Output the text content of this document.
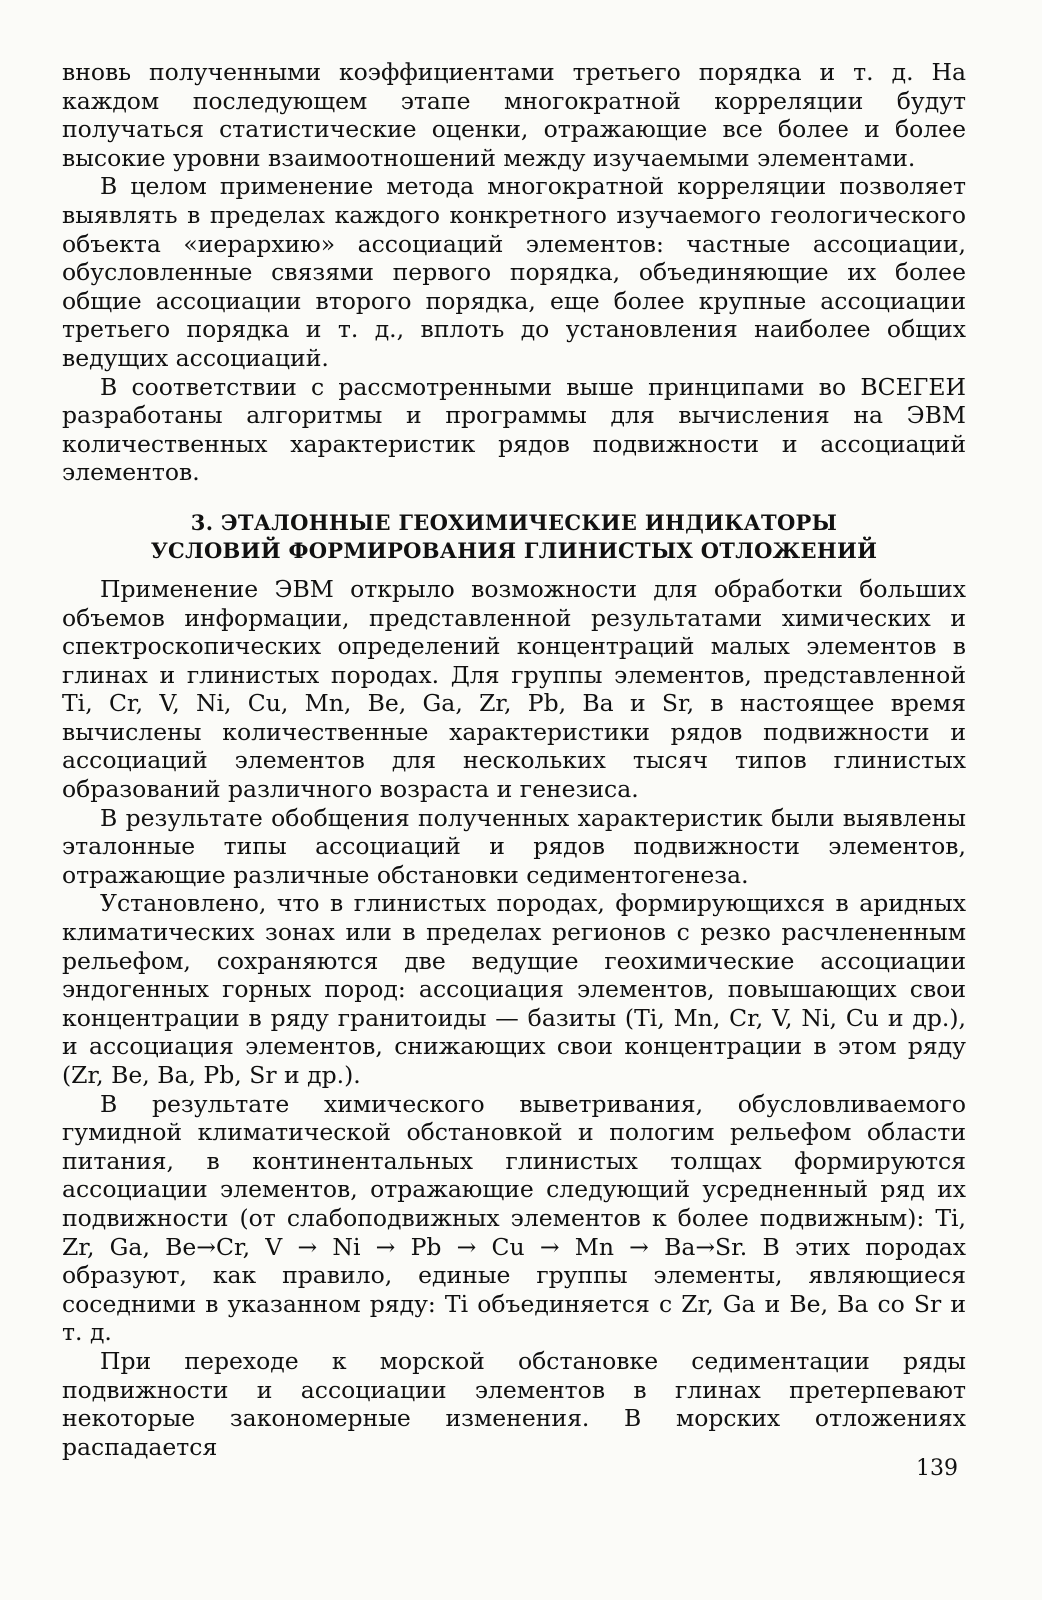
вновь полученными коэффициентами третьего порядка и т. д. На каждом последующем этапе многократной корреляции будут получаться статистические оценки, отражающие все более и более высокие уровни взаимоотношений между изучаемыми элементами.

В целом применение метода многократной корреляции позволяет выявлять в пределах каждого конкретного изучаемого геологического объекта «иерархию» ассоциаций элементов: частные ассоциации, обусловленные связями первого порядка, объединяющие их более общие ассоциации второго порядка, еще более крупные ассоциации третьего порядка и т. д., вплоть до установления наиболее общих ведущих ассоциаций.

В соответствии с рассмотренными выше принципами во ВСЕГЕИ разработаны алгоритмы и программы для вычисления на ЭВМ количественных характеристик рядов подвижности и ассоциаций элементов.

3. ЭТАЛОННЫЕ ГЕОХИМИЧЕСКИЕ ИНДИКАТОРЫ
УСЛОВИЙ ФОРМИРОВАНИЯ ГЛИНИСТЫХ ОТЛОЖЕНИЙ

Применение ЭВМ открыло возможности для обработки больших объемов информации, представленной результатами химических и спектроскопических определений концентраций малых элементов в глинах и глинистых породах. Для группы элементов, представленной Ti, Cr, V, Ni, Cu, Mn, Be, Ga, Zr, Pb, Ba и Sr, в настоящее время вычислены количественные характеристики рядов подвижности и ассоциаций элементов для нескольких тысяч типов глинистых образований различного возраста и генезиса.

В результате обобщения полученных характеристик были выявлены эталонные типы ассоциаций и рядов подвижности элементов, отражающие различные обстановки седиментогенеза.

Установлено, что в глинистых породах, формирующихся в аридных климатических зонах или в пределах регионов с резко расчлененным рельефом, сохраняются две ведущие геохимические ассоциации эндогенных горных пород: ассоциация элементов, повышающих свои концентрации в ряду гранитоиды — базиты (Ti, Mn, Cr, V, Ni, Cu и др.), и ассоциация элементов, снижающих свои концентрации в этом ряду (Zr, Be, Ba, Pb, Sr и др.).

В результате химического выветривания, обусловливаемого гумидной климатической обстановкой и пологим рельефом области питания, в континентальных глинистых толщах формируются ассоциации элементов, отражающие следующий усредненный ряд их подвижности (от слабоподвижных элементов к более подвижным): Ti, Zr, Ga, Be→Cr, V → Ni → Pb → Cu → Mn → Ba→Sr. В этих породах образуют, как правило, единые группы элементы, являющиеся соседними в указанном ряду: Ti объединяется с Zr, Ga и Be, Ba со Sr и т. д.

При переходе к морской обстановке седиментации ряды подвижности и ассоциации элементов в глинах претерпевают некоторые закономерные изменения. В морских отложениях распадается

139
